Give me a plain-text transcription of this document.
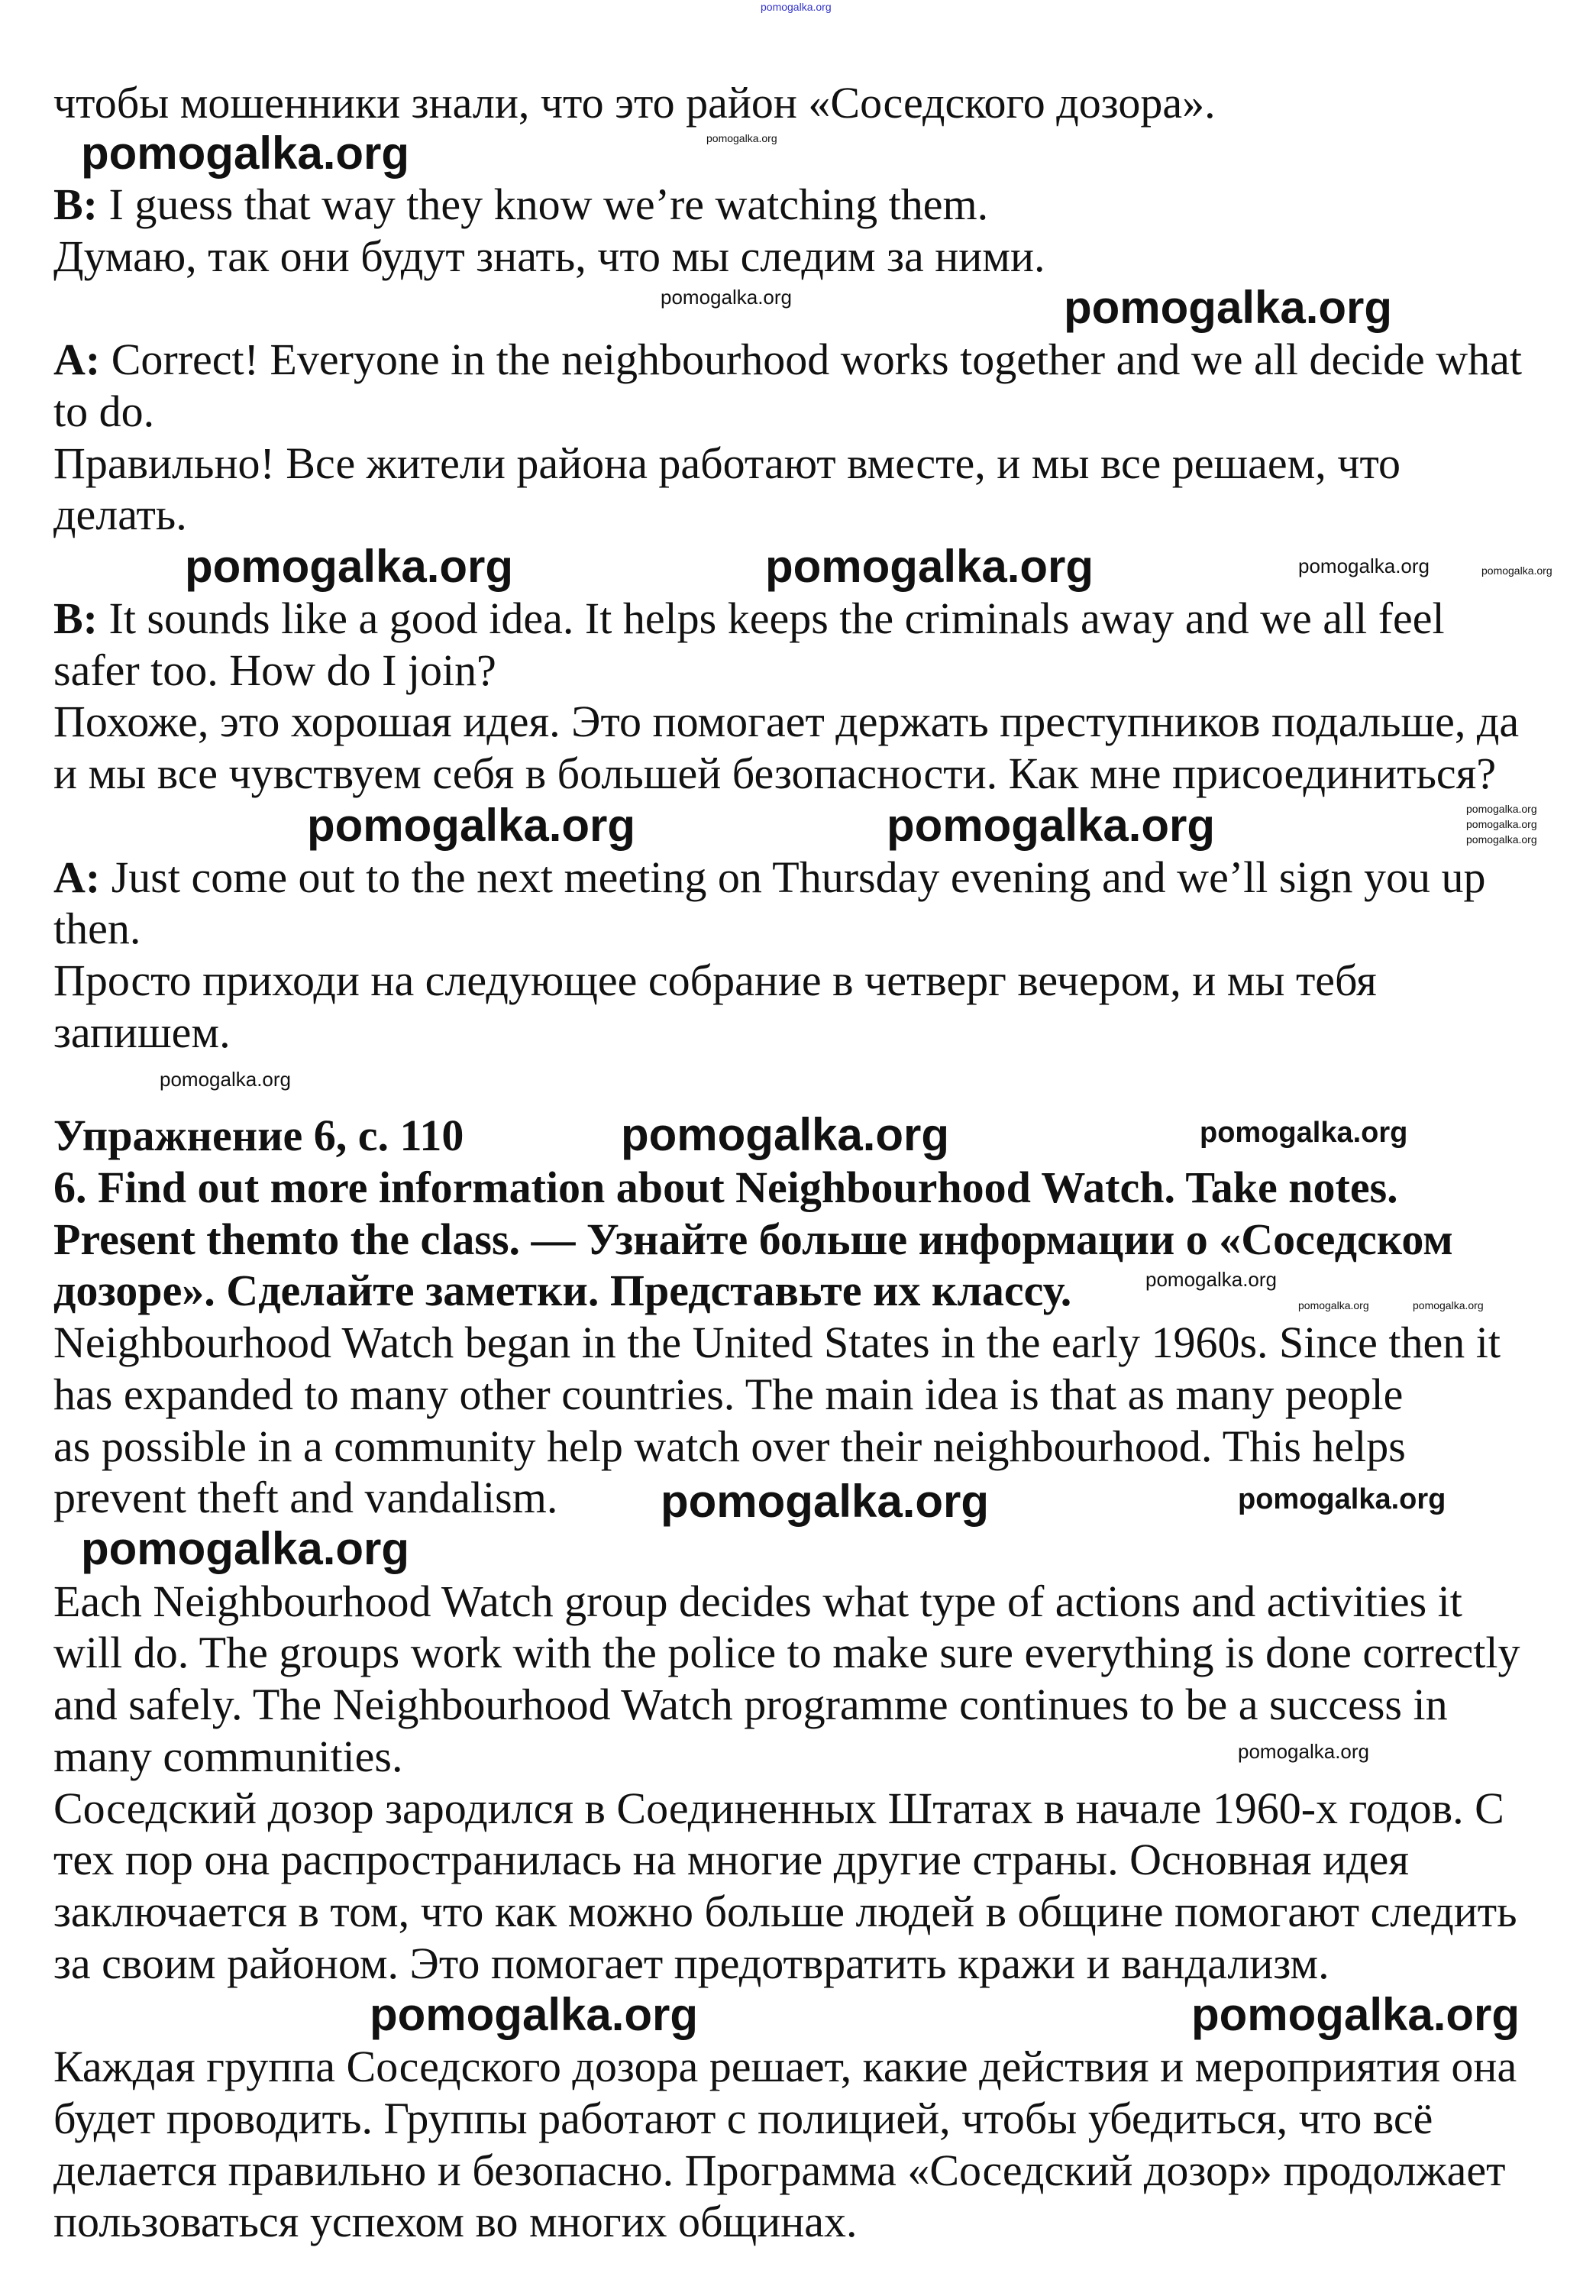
чтобы мошенники знали, что это район «Соседского дозора».
B: I guess that way they know we’re watching them.
Думаю, так они будут знать, что мы следим за ними.
A: Correct! Everyone in the neighbourhood works together and we all decide what
to do.
Правильно! Все жители района работают вместе, и мы все решаем, что
делать.
B: It sounds like a good idea. It helps keeps the criminals away and we all feel
safer too. How do I join?
Похоже, это хорошая идея. Это помогает держать преступников подальше, да
и мы все чувствуем себя в большей безопасности. Как мне присоединиться?
A: Just come out to the next meeting on Thursday evening and we’ll sign you up
then.
Просто приходи на следующее собрание в четверг вечером, и мы тебя
запишем.
Упражнение 6, с. 110
6. Find out more information about Neighbourhood Watch. Take notes.
Present themto the class. — Узнайте больше информации о «Соседском
дозоре». Сделайте заметки. Представьте их классу.
Neighbourhood Watch began in the United States in the early 1960s. Since then it
has expanded to many other countries. The main idea is that as many people
as possible in a community help watch over their neighbourhood. This helps
prevent theft and vandalism.
Each Neighbourhood Watch group decides what type of actions and activities it
will do. The groups work with the police to make sure everything is done correctly
and safely. The Neighbourhood Watch programme continues to be a success in
many communities.
Соседский дозор зародился в Соединенных Штатах в начале 1960-х годов. С
тех пор она распространилась на многие другие страны. Основная идея
заключается в том, что как можно больше людей в общине помогают следить
за своим районом. Это помогает предотвратить кражи и вандализм.
Каждая группа Соседского дозора решает, какие действия и мероприятия она
будет проводить. Группы работают с полицией, чтобы убедиться, что всё
делается правильно и безопасно. Программа «Соседский дозор» продолжает
пользоваться успехом во многих общинах.
pomogalka.org
pomogalka.org
pomogalka.org
pomogalka.org	pomogalka.org
pomogalka.org	pomogalka.org	pomogalka.org	pomogalka.org
pomogalka.org
pomogalka.org	pomogalka.org	pomogalka.org
pomogalka.org
pomogalka.org
pomogalka.org
pomogalka.org
pomogalka.org
pomogalka.org	pomogalka.org
pomogalka.org	pomogalka.org
pomogalka.org
pomogalka.org
pomogalka.org	pomogalka.org
